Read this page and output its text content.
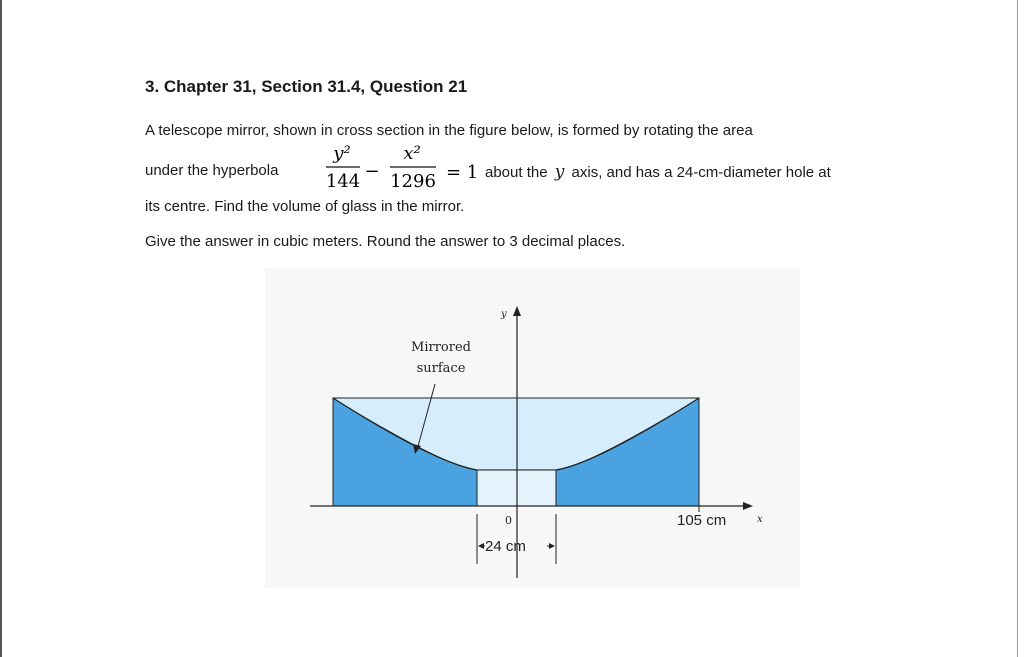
3. Chapter 31, Section 31.4, Question 21
A telescope mirror, shown in cross section in the figure below, is formed by rotating the area
under the hyperbola
y²
144 −
x²
1296 = 1 about the y axis, and has a 24-cm-diameter hole at
its centre. Find the volume of glass in the mirror.
Give the answer in cubic meters. Round the answer to 3 decimal places.
y
x
0
Mirrored
surface
105 cm
24 cm
